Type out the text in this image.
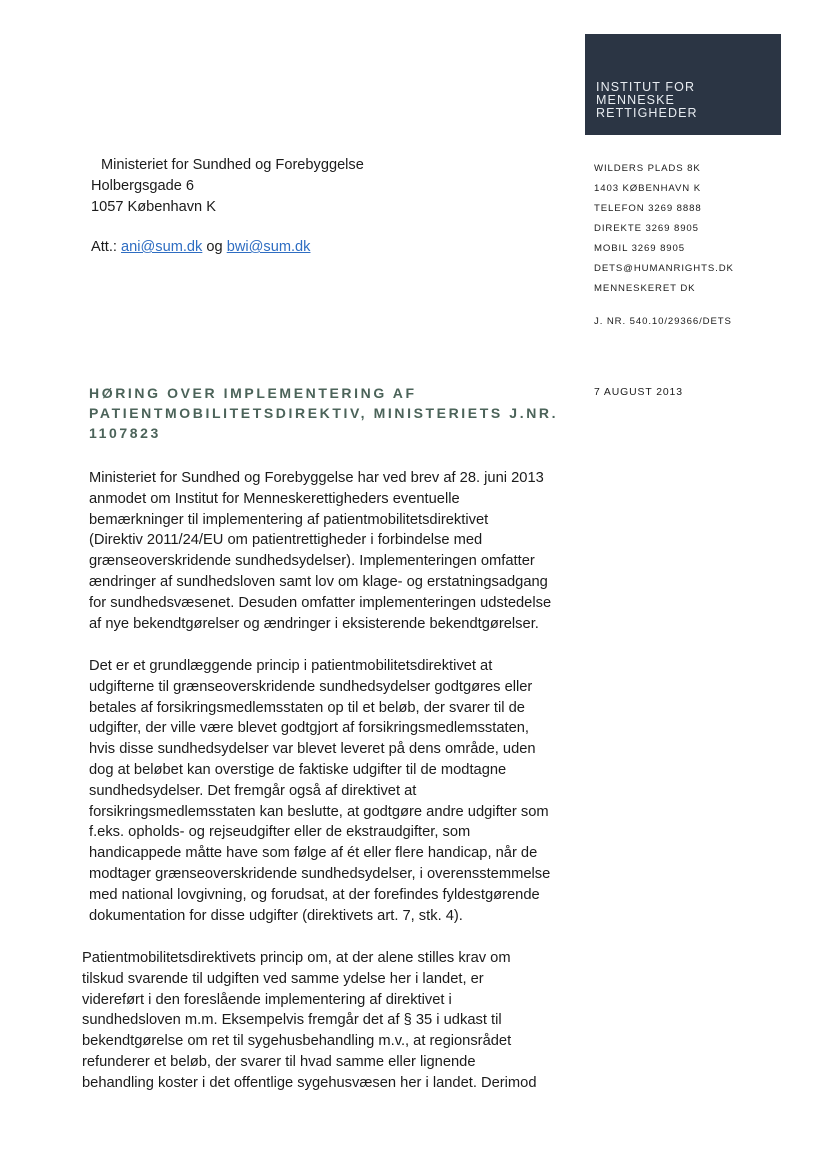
INSTITUT FOR
MENNESKE
RETTIGHEDER
Ministeriet for Sundhed og Forebyggelse
Holbergsgade 6
1057 København K
Att.: ani@sum.dk og bwi@sum.dk
WILDERS PLADS 8K
1403 KØBENHAVN K
TELEFON 3269 8888
DIREKTE 3269 8905
MOBIL 3269 8905
DETS@HUMANRIGHTS.DK
MENNESKERET DK
J. NR. 540.10/29366/DETS
7 AUGUST 2013
HØRING OVER IMPLEMENTERING AF
PATIENTMOBILITETSDIREKTIV, MINISTERIETS J.NR.
1107823
Ministeriet for Sundhed og Forebyggelse har ved brev af 28. juni 2013
anmodet om Institut for Menneskerettigheders eventuelle
bemærkninger til implementering af patientmobilitetsdirektivet
(Direktiv 2011/24/EU om patientrettigheder i forbindelse med
grænseoverskridende sundhedsydelser). Implementeringen omfatter
ændringer af sundhedsloven samt lov om klage- og erstatningsadgang
for sundhedsvæsenet. Desuden omfatter implementeringen udstedelse
af nye bekendtgørelser og ændringer i eksisterende bekendtgørelser.
Det er et grundlæggende princip i patientmobilitetsdirektivet at
udgifterne til grænseoverskridende sundhedsydelser godtgøres eller
betales af forsikringsmedlemsstaten op til et beløb, der svarer til de
udgifter, der ville være blevet godtgjort af forsikringsmedlemsstaten,
hvis disse sundhedsydelser var blevet leveret på dens område, uden
dog at beløbet kan overstige de faktiske udgifter til de modtagne
sundhedsydelser. Det fremgår også af direktivet at
forsikringsmedlemsstaten kan beslutte, at godtgøre andre udgifter som
f.eks. opholds- og rejseudgifter eller de ekstraudgifter, som
handicappede måtte have som følge af ét eller flere handicap, når de
modtager grænseoverskridende sundhedsydelser, i overensstemmelse
med national lovgivning, og forudsat, at der forefindes fyldestgørende
dokumentation for disse udgifter (direktivets art. 7, stk. 4).
Patientmobilitetsdirektivets princip om, at der alene stilles krav om
tilskud svarende til udgiften ved samme ydelse her i landet, er
videreført i den foreslående implementering af direktivet i
sundhedsloven m.m. Eksempelvis fremgår det af § 35 i udkast til
bekendtgørelse om ret til sygehusbehandling m.v., at regionsrådet
refunderer et beløb, der svarer til hvad samme eller lignende
behandling koster i det offentlige sygehusvæsen her i landet. Derimod
